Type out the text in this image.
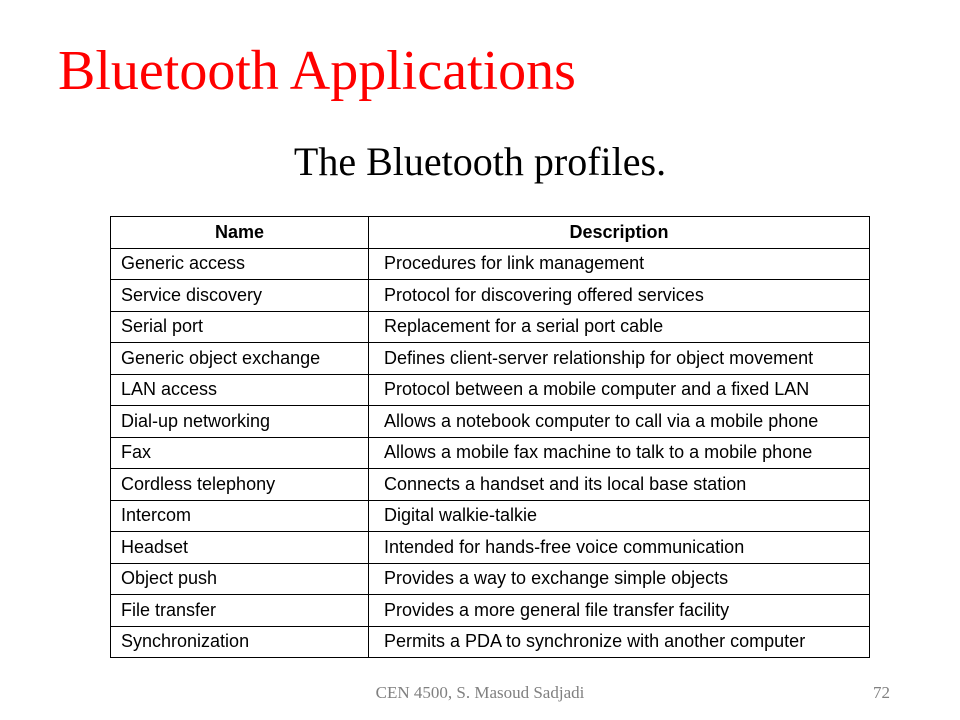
Bluetooth Applications
The Bluetooth profiles.
Name	Description
Generic access	Procedures for link management
Service discovery	Protocol for discovering offered services
Serial port	Replacement for a serial port cable
Generic object exchange	Defines client-server relationship for object movement
LAN access	Protocol between a mobile computer and a fixed LAN
Dial-up networking	Allows a notebook computer to call via a mobile phone
Fax	Allows a mobile fax machine to talk to a mobile phone
Cordless telephony	Connects a handset and its local base station
Intercom	Digital walkie-talkie
Headset	Intended for hands-free voice communication
Object push	Provides a way to exchange simple objects
File transfer	Provides a more general file transfer facility
Synchronization	Permits a PDA to synchronize with another computer
CEN 4500, S. Masoud Sadjadi	72
